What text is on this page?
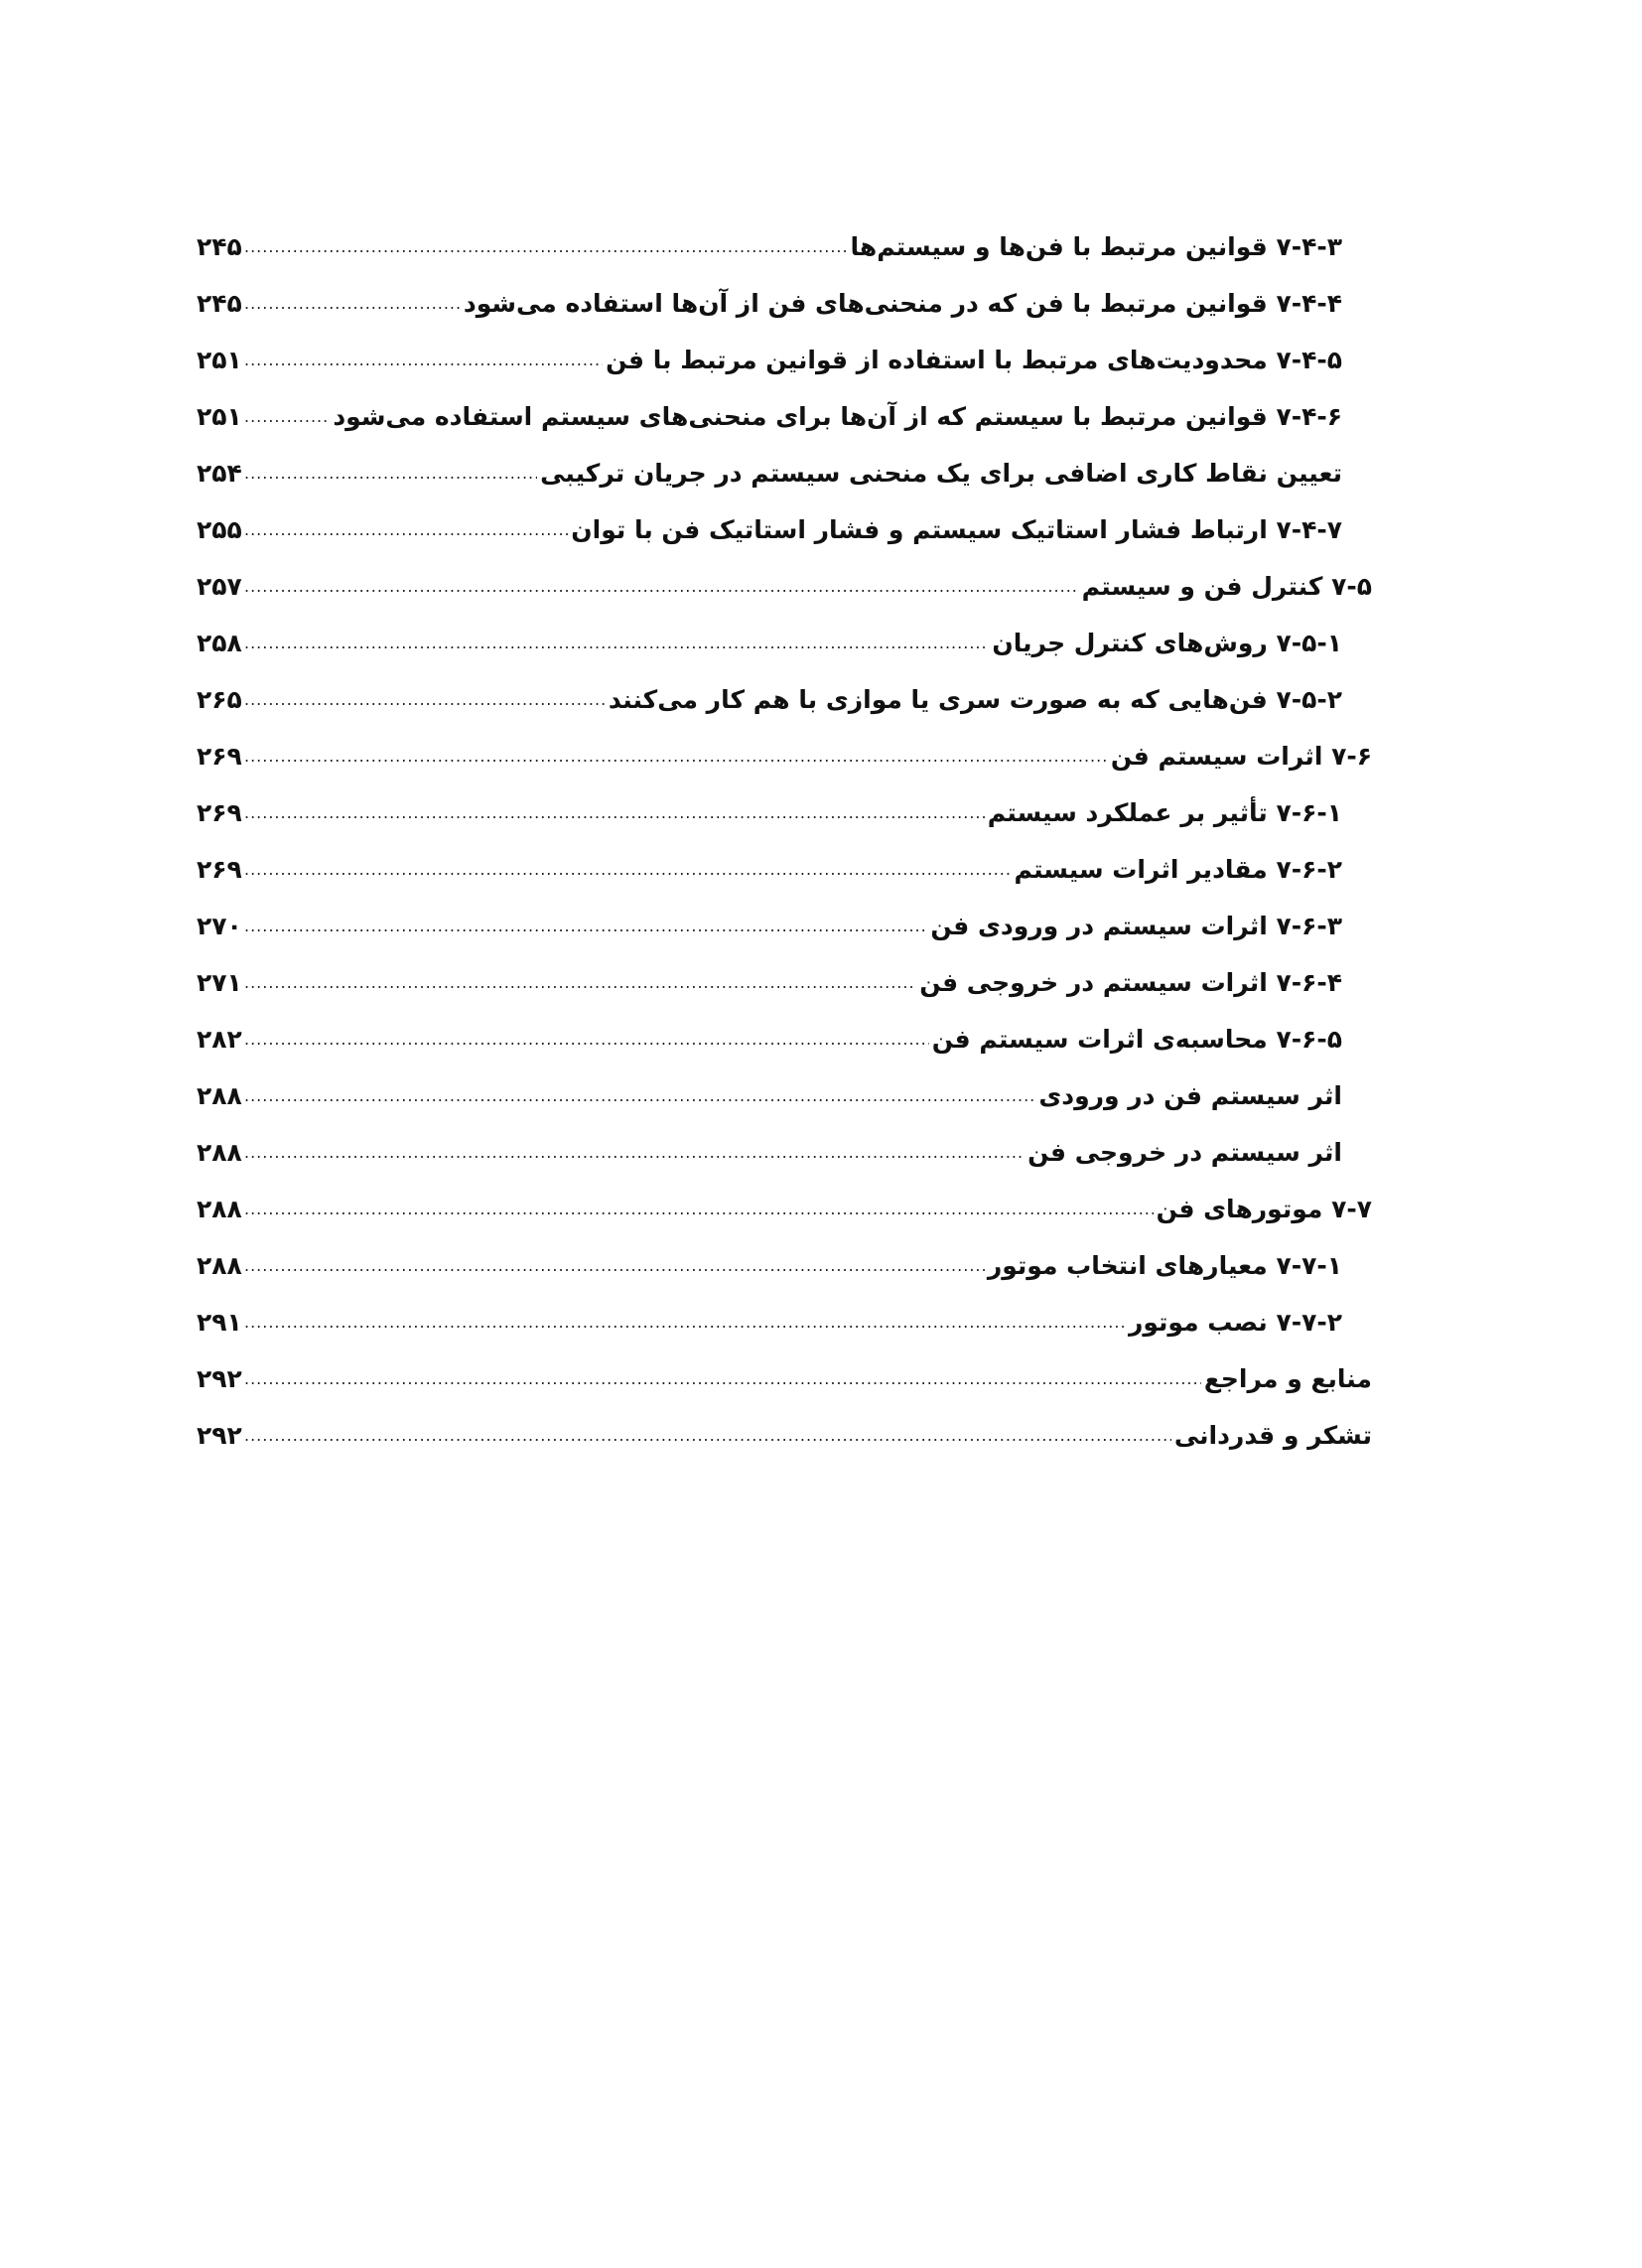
۷-۴-۳ قوانین مرتبط با فن‌ها و سیستم‌ها
.....
۲۴۵
۷-۴-۴ قوانین مرتبط با فن که در منحنی‌های فن از آن‌ها استفاده می‌شود
.....
۲۴۵
۷-۴-۵ محدودیت‌های مرتبط با استفاده از قوانین مرتبط با فن
.....
۲۵۱
۷-۴-۶ قوانین مرتبط با سیستم که از آن‌ها برای منحنی‌های سیستم استفاده می‌شود
.....
۲۵۱
تعیین نقاط کاری اضافی برای یک منحنی سیستم در جریان ترکیبی
.....
۲۵۴
۷-۴-۷ ارتباط فشار استاتیک سیستم و فشار استاتیک فن با توان
.....
۲۵۵
۷-۵ کنترل فن و سیستم
.....
۲۵۷
۷-۵-۱ روش‌های کنترل جریان
.....
۲۵۸
۷-۵-۲ فن‌هایی که به صورت سری یا موازی با هم کار می‌کنند
.....
۲۶۵
۷-۶ اثرات سیستم فن
.....
۲۶۹
۷-۶-۱ تأثیر بر عملکرد سیستم
.....
۲۶۹
۷-۶-۲ مقادیر اثرات سیستم
.....
۲۶۹
۷-۶-۳ اثرات سیستم در ورودی فن
.....
۲۷۰
۷-۶-۴ اثرات سیستم در خروجی فن
.....
۲۷۱
۷-۶-۵ محاسبه‌ی اثرات سیستم فن
.....
۲۸۲
اثر سیستم فن در ورودی
.....
۲۸۸
اثر سیستم در خروجی فن
.....
۲۸۸
۷-۷ موتورهای فن
.....
۲۸۸
۷-۷-۱ معیارهای انتخاب موتور
.....
۲۸۸
۷-۷-۲ نصب موتور
.....
۲۹۱
منابع و مراجع
.....
۲۹۲
تشکر و قدردانی
.....
۲۹۲
